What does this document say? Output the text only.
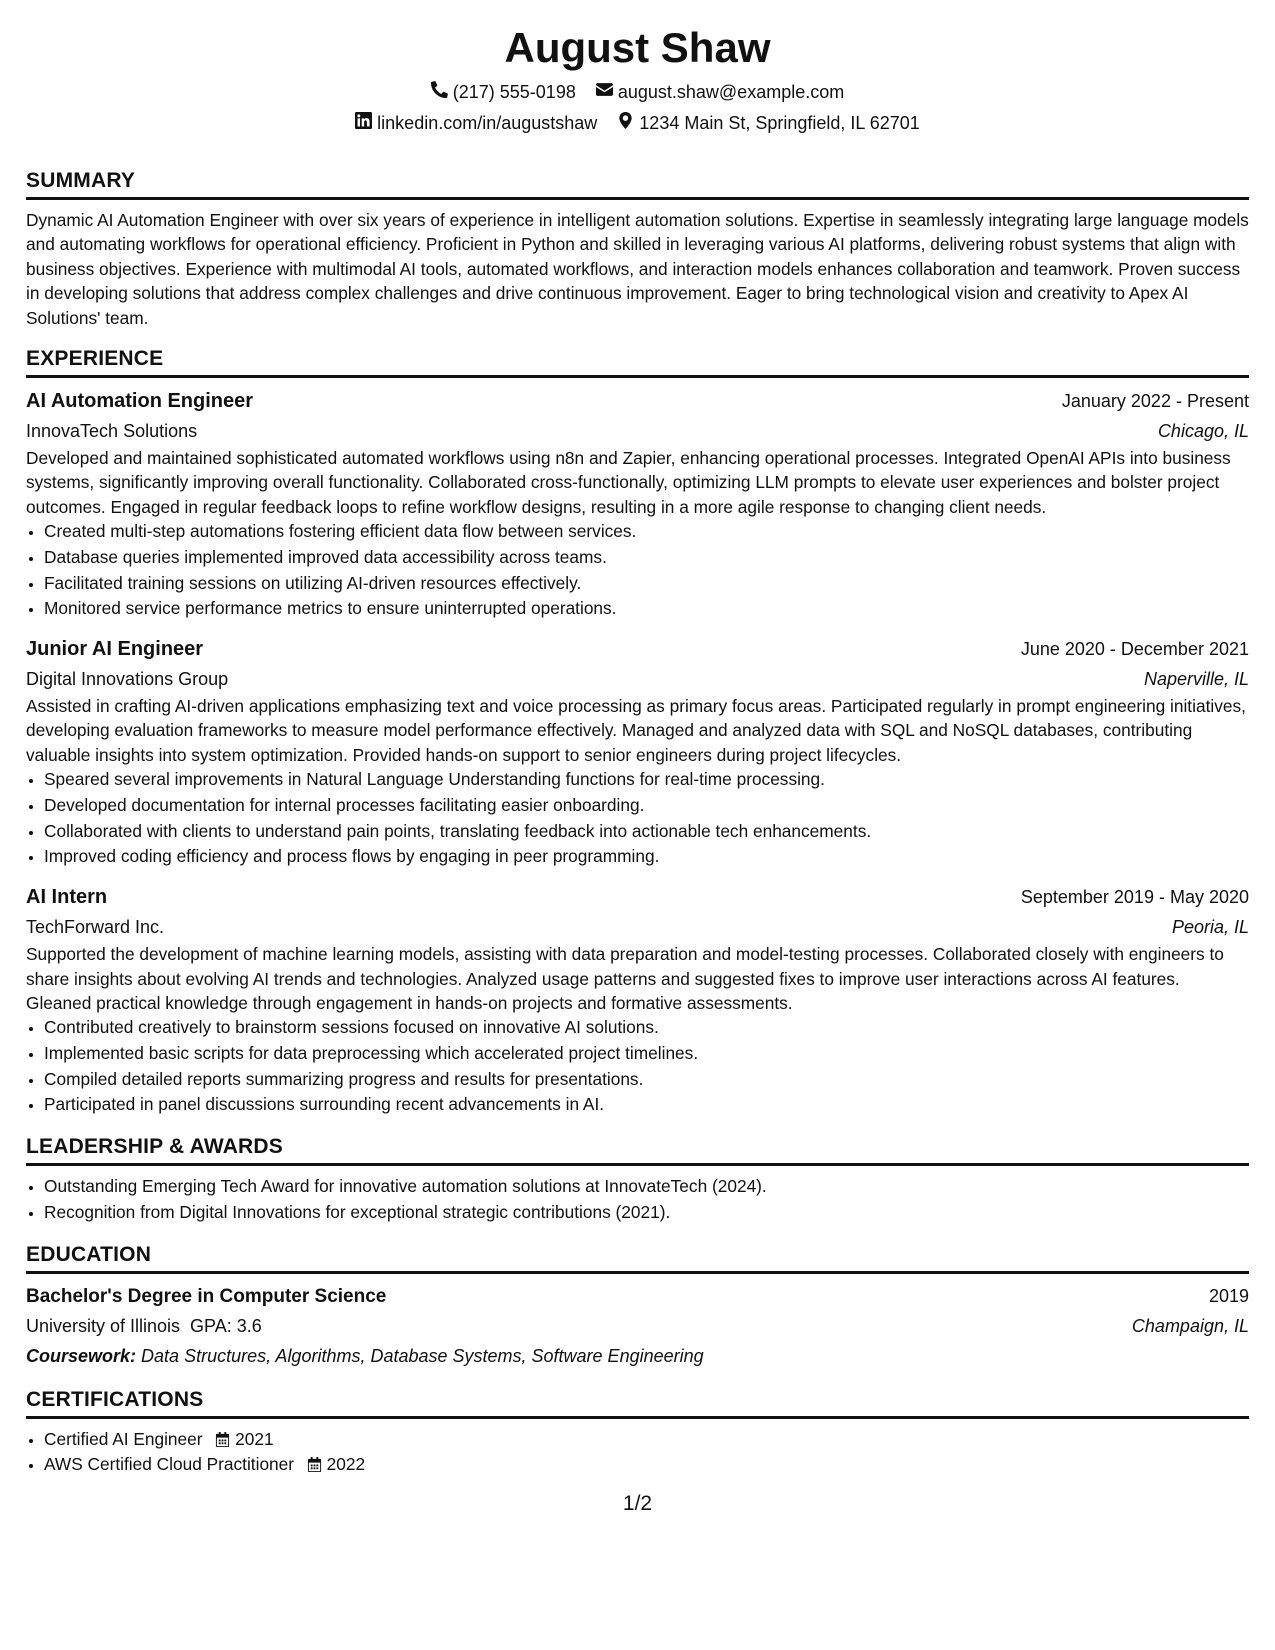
August Shaw
(217) 555-0198 august.shaw@example.com
linkedin.com/in/augustshaw 1234 Main St, Springfield, IL 62701
SUMMARY

Dynamic AI Automation Engineer with over six years of experience in intelligent automation solutions. Expertise in seamlessly integrating large language models and automating workflows for operational efficiency. Proficient in Python and skilled in leveraging various AI platforms, delivering robust systems that align with business objectives. Experience with multimodal AI tools, automated workflows, and interaction models enhances collaboration and teamwork. Proven success in developing solutions that address complex challenges and drive continuous improvement. Eager to bring technological vision and creativity to Apex AI Solutions' team.

EXPERIENCE
AI Automation Engineer	January 2022 - Present
InnovaTech Solutions	Chicago, IL

Developed and maintained sophisticated automated workflows using n8n and Zapier, enhancing operational processes. Integrated OpenAI APIs into business systems, significantly improving overall functionality. Collaborated cross-functionally, optimizing LLM prompts to elevate user experiences and bolster project outcomes. Engaged in regular feedback loops to refine workflow designs, resulting in a more agile response to changing client needs.

• Created multi-step automations fostering efficient data flow between services.
• Database queries implemented improved data accessibility across teams.
• Facilitated training sessions on utilizing AI-driven resources effectively.
• Monitored service performance metrics to ensure uninterrupted operations.
Junior AI Engineer	June 2020 - December 2021
Digital Innovations Group	Naperville, IL

Assisted in crafting AI-driven applications emphasizing text and voice processing as primary focus areas. Participated regularly in prompt engineering initiatives, developing evaluation frameworks to measure model performance effectively. Managed and analyzed data with SQL and NoSQL databases, contributing valuable insights into system optimization. Provided hands-on support to senior engineers during project lifecycles.

• Speared several improvements in Natural Language Understanding functions for real-time processing.
• Developed documentation for internal processes facilitating easier onboarding.
• Collaborated with clients to understand pain points, translating feedback into actionable tech enhancements.
• Improved coding efficiency and process flows by engaging in peer programming.
AI Intern	September 2019 - May 2020
TechForward Inc.	Peoria, IL

Supported the development of machine learning models, assisting with data preparation and model-testing processes. Collaborated closely with engineers to share insights about evolving AI trends and technologies. Analyzed usage patterns and suggested fixes to improve user interactions across AI features. Gleaned practical knowledge through engagement in hands-on projects and formative assessments.

• Contributed creatively to brainstorm sessions focused on innovative AI solutions.
• Implemented basic scripts for data preprocessing which accelerated project timelines.
• Compiled detailed reports summarizing progress and results for presentations.
• Participated in panel discussions surrounding recent advancements in AI.
LEADERSHIP & AWARDS
• Outstanding Emerging Tech Award for innovative automation solutions at InnovateTech (2024).
• Recognition from Digital Innovations for exceptional strategic contributions (2021).
EDUCATION
Bachelor's Degree in Computer Science	2019
University of Illinois GPA: 3.6	Champaign, IL
Coursework: Data Structures, Algorithms, Database Systems, Software Engineering
CERTIFICATIONS
• Certified AI Engineer 2021
• AWS Certified Cloud Practitioner 2022
1/2
